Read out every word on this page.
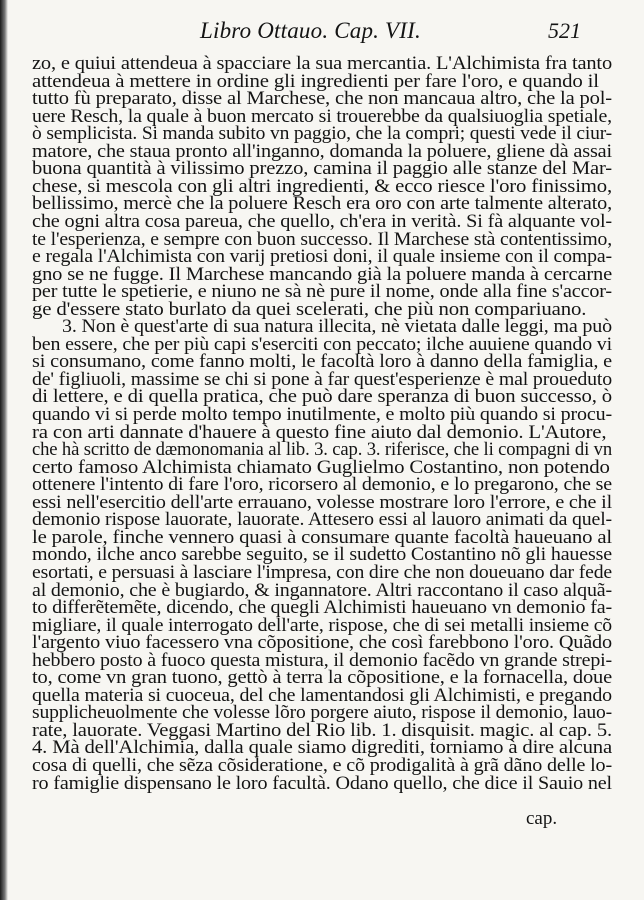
Libro Ottauo. Cap. VII.	521
zo, e quiui attendeua à spacciare la sua mercantia. L'Alchimista fra tanto
attendeua à mettere in ordine gli ingredienti per fare l'oro, e quando il
tutto fù preparato, disse al Marchese, che non mancaua altro, che la pol-
uere Resch, la quale à buon mercato si trouerebbe da qualsiuoglia spetiale,
ò semplicista. Si manda subito vn paggio, che la compri; questi vede il ciur-
matore, che staua pronto all'inganno, domanda la poluere, gliene dà assai
buona quantità à vilissimo prezzo, camina il paggio alle stanze del Mar-
chese, si mescola con gli altri ingredienti, & ecco riesce l'oro finissimo,
bellissimo, mercè che la poluere Resch era oro con arte talmente alterato,
che ogni altra cosa pareua, che quello, ch'era in verità. Si fà alquante vol-
te l'esperienza, e sempre con buon successo. Il Marchese stà contentissimo,
e regala l'Alchimista con varij pretiosi doni, il quale insieme con il compa-
gno se ne fugge. Il Marchese mancando già la poluere manda à cercarne
per tutte le spetierie, e niuno ne sà nè pure il nome, onde alla fine s'accor-
ge d'essere stato burlato da quei scelerati, che più non compariuano.
3. Non è quest'arte di sua natura illecita, nè vietata dalle leggi, ma può
ben essere, che per più capi s'eserciti con peccato; ilche auuiene quando vi
si consumano, come fanno molti, le facoltà loro à danno della famiglia, e
de' figliuoli, massime se chi si pone à far quest'esperienze è mal proueduto
di lettere, e di quella pratica, che può dare speranza di buon successo, ò
quando vi si perde molto tempo inutilmente, e molto più quando si procu-
ra con arti dannate d'hauere à questo fine aiuto dal demonio. L'Autore,
che hà scritto de dæmonomania al lib. 3. cap. 3. riferisce, che li compagni di vn
certo famoso Alchimista chiamato Guglielmo Costantino, non potendo
ottenere l'intento di fare l'oro, ricorsero al demonio, e lo pregarono, che se
essi nell'esercitio dell'arte errauano, volesse mostrare loro l'errore, e che il
demonio rispose lauorate, lauorate. Attesero essi al lauoro animati da quel-
le parole, finche vennero quasi à consumare quante facoltà haueuano al
mondo, ilche anco sarebbe seguito, se il sudetto Costantino nõ gli hauesse
esortati, e persuasi à lasciare l'impresa, con dire che non doueuano dar fede
al demonio, che è bugiardo, & ingannatore. Altri raccontano il caso alquã-
to differẽtemẽte, dicendo, che quegli Alchimisti haueuano vn demonio fa-
migliare, il quale interrogato dell'arte, rispose, che di sei metalli insieme cõ
l'argento viuo facessero vna cõpositione, che così farebbono l'oro. Quãdo
hebbero posto à fuoco questa mistura, il demonio facẽdo vn grande strepi-
to, come vn gran tuono, gettò à terra la cõpositione, e la fornacella, doue
quella materia si cuoceua, del che lamentandosi gli Alchimisti, e pregando
supplicheuolmente che volesse lõro porgere aiuto, rispose il demonio, lauo-
rate, lauorate. Veggasi Martino del Rio lib. 1. disquisit. magic. al cap. 5.
4. Mà dell'Alchimia, dalla quale siamo digrediti, torniamo à dire alcuna
cosa di quelli, che sẽza cõsideratione, e cõ prodigalità à grã dãno delle lo-
ro famiglie dispensano le loro facultà. Odano quello, che dice il Sauio nel
cap.
